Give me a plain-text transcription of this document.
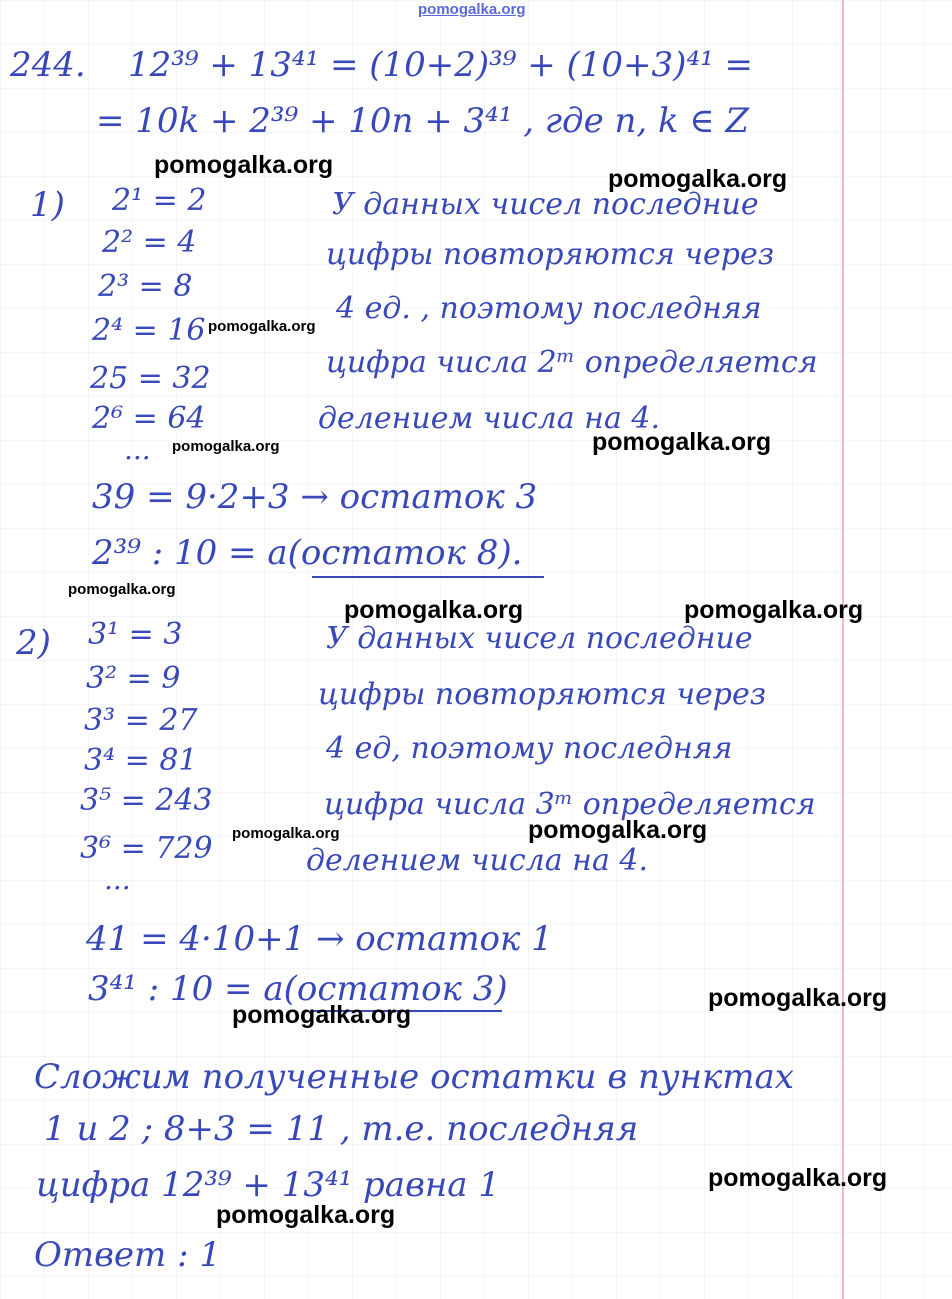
pomogalka.org
244. 12³⁹ + 13⁴¹ = (10+2)³⁹ + (10+3)⁴¹ =
= 10k + 2³⁹ + 10n + 3⁴¹ , где n, k ∈ Z
1) 2¹ = 2
2² = 4
2³ = 8
2⁴ = 16
25 = 32
2⁶ = 64
...
У данных чисел последние
цифры повторяются через
4 ед. , поэтому последняя
цифра числа 2ᵐ определяется
делением числа на 4.
39 = 9·2+3 → остаток 3
2³⁹ : 10 = a(остаток 8).
2) 3¹ = 3
3² = 9
3³ = 27
3⁴ = 81
3⁵ = 243
3⁶ = 729
...
У данных чисел последние
цифры повторяются через
4 ед, поэтому последняя
цифра числа 3ᵐ определяется
делением числа на 4.
41 = 4·10+1 → остаток 1
3⁴¹ : 10 = a(остаток 3)
Сложим полученные остатки в пунктах
1 и 2 ; 8+3 = 11 , т.е. последняя
цифра 12³⁹ + 13⁴¹ равна 1
Ответ : 1
pomogalka.org	pomogalka.org
pomogalka.org
pomogalka.org	pomogalka.org
pomogalka.org
pomogalka.org	pomogalka.org
pomogalka.org	pomogalka.org
pomogalka.org
pomogalka.org
pomogalka.org
pomogalka.org
